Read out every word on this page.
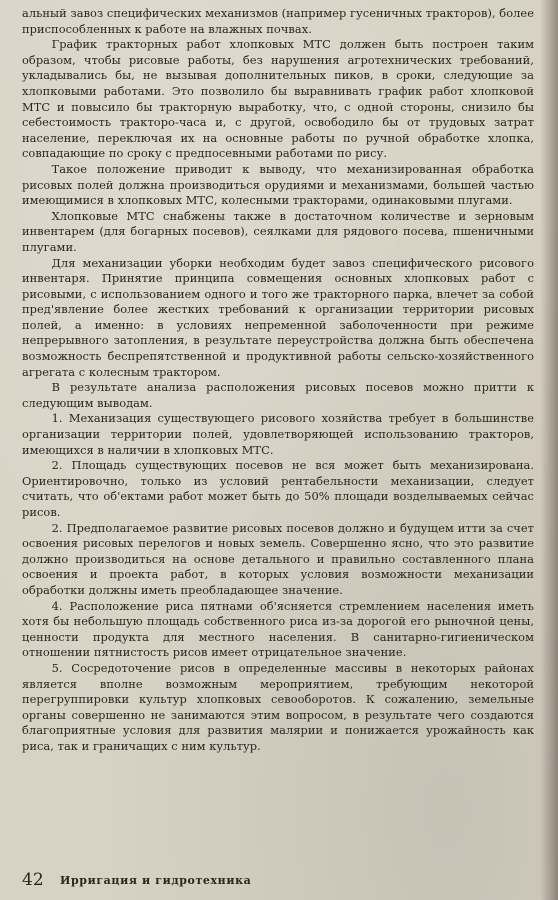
альный завоз специфических механизмов (например гусеничных тракторов), более приспособленных к работе на влажных почвах.

График тракторных работ хлопковых МТС должен быть построен таким образом, чтобы рисовые работы, без нарушения агротехнических требований, укладывались бы, не вызывая дополнительных пиков, в сроки, следующие за хлопковыми работами. Это позволило бы выравнивать график работ хлопковой МТС и повысило бы тракторную выработку, что, с одной стороны, снизило бы себестоимость тракторо-часа и, с другой, освободило бы от трудовых затрат население, переключая их на основные работы по ручной обработке хлопка, совпадающие по сроку с предпосевными работами по рису.

Такое положение приводит к выводу, что механизированная обработка рисовых полей должна производиться орудиями и механизмами, большей частью имеющимися в хлопковых МТС, колесными тракторами, одинаковыми плугами.

Хлопковые МТС снабжены также в достаточном количестве и зерновым инвентарем (для богарных посевов), сеялками для рядового посева, пшеничными плугами.

Для механизации уборки необходим будет завоз специфического рисового инвентаря. Принятие принципа совмещения основных хлопковых работ с рисовыми, с использованием одного и того же тракторного парка, влечет за собой пред'явление более жестких требований к организации территории рисовых полей, а именно: в условиях непременной заболоченности при режиме непрерывного затопления, в результате переустройства должна быть обеспечена возможность беспрепятственной и продуктивной работы сельско-хозяйственного агрегата с колесным трактором.

В результате анализа расположения рисовых посевов можно притти к следующим выводам.

1. Механизация существующего рисового хозяйства требует в большинстве организации территории полей, удовлетворяющей использованию тракторов, имеющихся в наличии в хлопковых МТС.

2. Площадь существующих посевов не вся может быть механизирована. Ориентировочно, только из условий рентабельности механизации, следует считать, что об'ектами работ может быть до 50% площади возделываемых сейчас рисов.

2. Предполагаемое развитие рисовых посевов должно и будущем итти за счет освоения рисовых перелогов и новых земель. Совершенно ясно, что это развитие должно производиться на основе детального и правильно составленного плана освоения и проекта работ, в которых условия возможности механизации обработки должны иметь преобладающее значение.

4. Расположение риса пятнами об'ясняется стремлением населения иметь хотя бы небольшую площадь собственного риса из-за дорогой его рыночной цены, ценности продукта для местного населения. В санитарно-гигиеническом отношении пятнистость рисов имеет отрицательное значение.

5. Сосредоточение рисов в определенные массивы в некоторых районах является вполне возможным мероприятием, требующим некоторой перегруппировки культур хлопковых севооборотов. К сожалению, земельные органы совершенно не занимаются этим вопросом, в результате чего создаются благоприятные условия для развития малярии и понижается урожайность как риса, так и граничащих с ним культур.

42 Ирригация и гидротехника
